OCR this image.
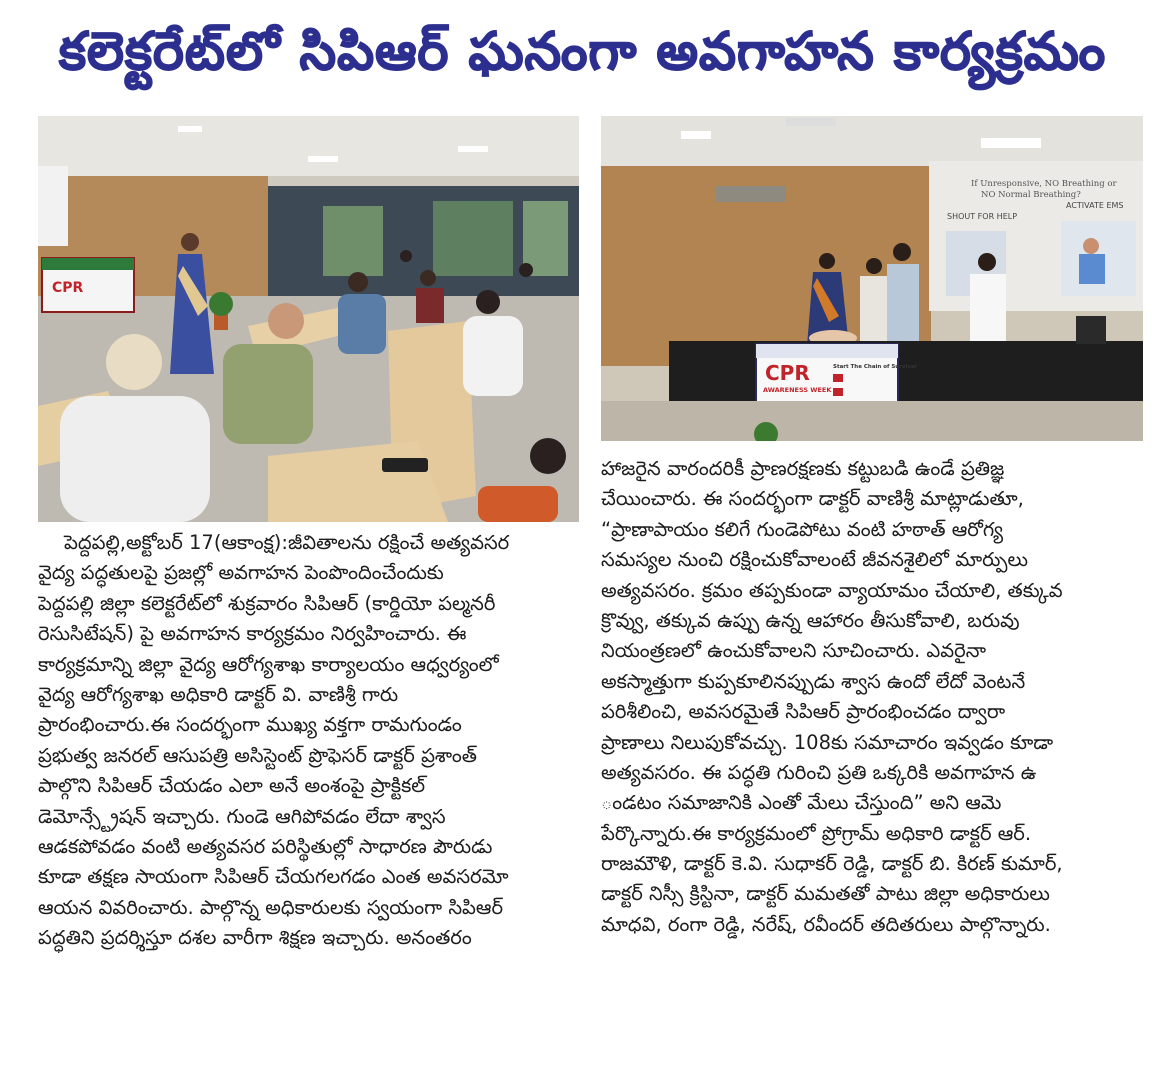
కలెక్టరేట్‌లో సిపిఆర్ ఘనంగా అవగాహన కార్యక్రమం
CPR
If Unresponsive, NO Breathing or
NO Normal Breathing?
SHOUT FOR HELP
ACTIVATE EMS
CPR
AWARENESS WEEK
Start The Chain of Survival
పెద్దపల్లి,అక్టోబర్ 17(ఆకాంక్ష):జీవితాలను రక్షించే అత్యవసర
వైద్య పద్ధతులపై ప్రజల్లో అవగాహన పెంపొందించేందుకు
పెద్దపల్లి జిల్లా కలెక్టరేట్‌లో శుక్రవారం సిపిఆర్ (కార్డియో పల్మనరీ
రెసుసిటేషన్) పై అవగాహన కార్యక్రమం నిర్వహించారు. ఈ
కార్యక్రమాన్ని జిల్లా వైద్య ఆరోగ్యశాఖ కార్యాలయం ఆధ్వర్యంలో
వైద్య ఆరోగ్యశాఖ అధికారి డాక్టర్ వి. వాణిశ్రీ గారు
ప్రారంభించారు.ఈ సందర్భంగా ముఖ్య వక్తగా రామగుండం
ప్రభుత్వ జనరల్ ఆసుపత్రి అసిస్టెంట్ ప్రొఫెసర్ డాక్టర్ ప్రశాంత్
పాల్గొని సిపిఆర్ చేయడం ఎలా అనే అంశంపై ప్రాక్టికల్
డెమోన్స్ట్రేషన్ ఇచ్చారు. గుండె ఆగిపోవడం లేదా శ్వాస
ఆడకపోవడం వంటి అత్యవసర పరిస్థితుల్లో సాధారణ పౌరుడు
కూడా తక్షణ సాయంగా సిపిఆర్ చేయగలగడం ఎంత అవసరమో
ఆయన వివరించారు. పాల్గొన్న అధికారులకు స్వయంగా సిపిఆర్
పద్ధతిని ప్రదర్శిస్తూ దశల వారీగా శిక్షణ ఇచ్చారు. అనంతరం
హాజరైన వారందరికీ ప్రాణరక్షణకు కట్టుబడి ఉండే ప్రతిజ్ఞ
చేయించారు. ఈ సందర్భంగా డాక్టర్ వాణిశ్రీ మాట్లాడుతూ,
“ప్రాణాపాయం కలిగే గుండెపోటు వంటి హఠాత్ ఆరోగ్య
సమస్యల నుంచి రక్షించుకోవాలంటే జీవనశైలిలో మార్పులు
అత్యవసరం. క్రమం తప్పకుండా వ్యాయామం చేయాలి, తక్కువ
క్రొవ్వు, తక్కువ ఉప్పు ఉన్న ఆహారం తీసుకోవాలి, బరువు
నియంత్రణలో ఉంచుకోవాలని సూచించారు. ఎవరైనా
అకస్మాత్తుగా కుప్పకూలినప్పుడు శ్వాస ఉందో లేదో వెంటనే
పరిశీలించి, అవసరమైతే సిపిఆర్ ప్రారంభించడం ద్వారా
ప్రాణాలు నిలుపుకోవచ్చు. 108కు సమాచారం ఇవ్వడం కూడా
అత్యవసరం. ఈ పద్ధతి గురించి ప్రతి ఒక్కరికి అవగాహన ఉ
ండటం సమాజానికి ఎంతో మేలు చేస్తుంది” అని ఆమె
పేర్కొన్నారు.ఈ కార్యక్రమంలో ప్రోగ్రామ్ అధికారి డాక్టర్ ఆర్.
రాజమౌళి, డాక్టర్ కె.వి. సుధాకర్ రెడ్డి, డాక్టర్ బి. కిరణ్ కుమార్,
డాక్టర్ నిస్సీ క్రిస్టినా, డాక్టర్ మమతతో పాటు జిల్లా అధికారులు
మాధవి, రంగా రెడ్డి, నరేష్, రవీందర్ తదితరులు పాల్గొన్నారు.
